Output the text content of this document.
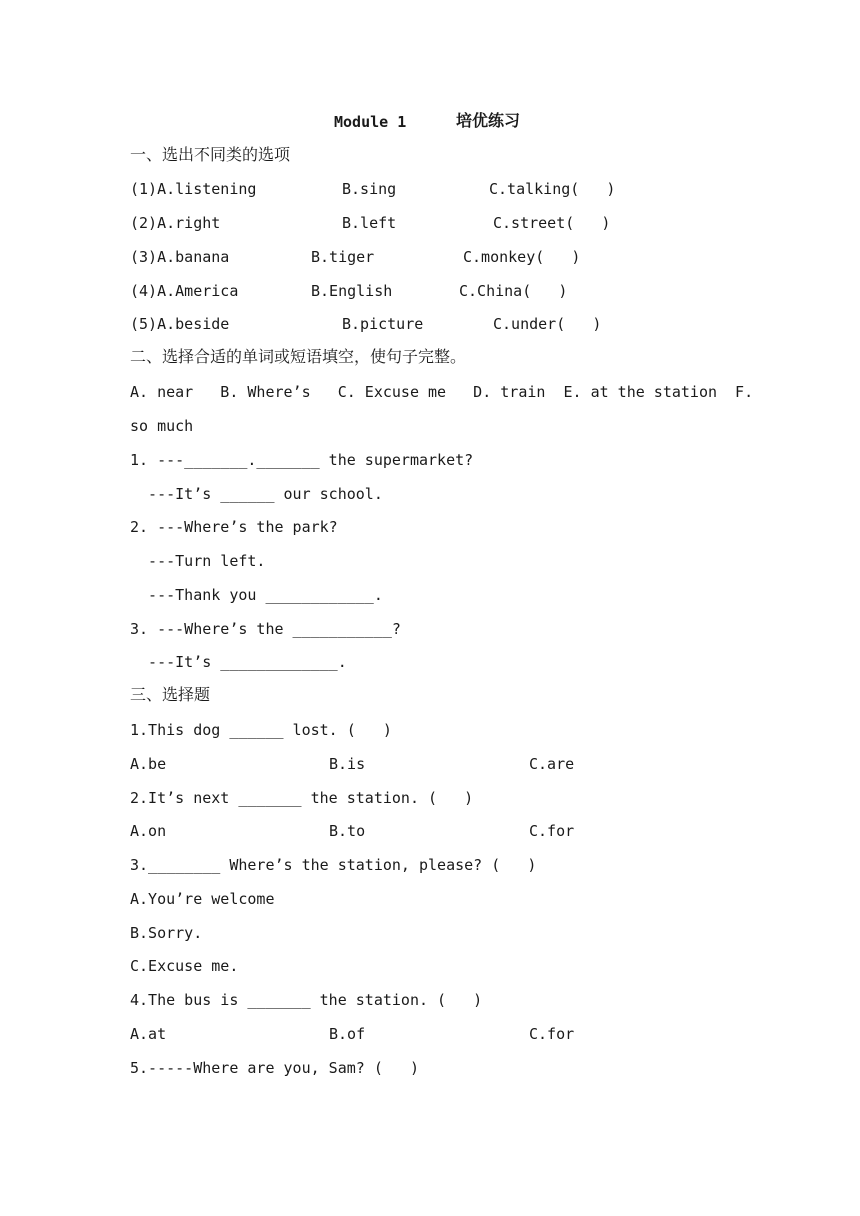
Module 1	培优练习
一、选出不同类的选项
(1)A.listening	B.sing	C.talking(   )
(2)A.right	B.left	C.street(   )
(3)A.banana	B.tiger	C.monkey(   )
(4)A.America	B.English	C.China(   )
(5)A.beside	B.picture	C.under(   )
二、选择合适的单词或短语填空，使句子完整。
A. near   B. Where’s   C. Excuse me   D. train  E. at the station  F.
so much
1. ---_______._______ the supermarket?
---It’s ______ our school.
2. ---Where’s the park?
---Turn left.
---Thank you ____________.
3. ---Where’s the ___________?
---It’s _____________.
三、选择题
1.This dog ______ lost. (   )
A.be	B.is	C.are
2.It’s next _______ the station. (   )
A.on	B.to	C.for
3.________ Where’s the station, please? (   )
A.You’re welcome
B.Sorry.
C.Excuse me.
4.The bus is _______ the station. (   )
A.at	B.of	C.for
5.-----Where are you, Sam? (   )
